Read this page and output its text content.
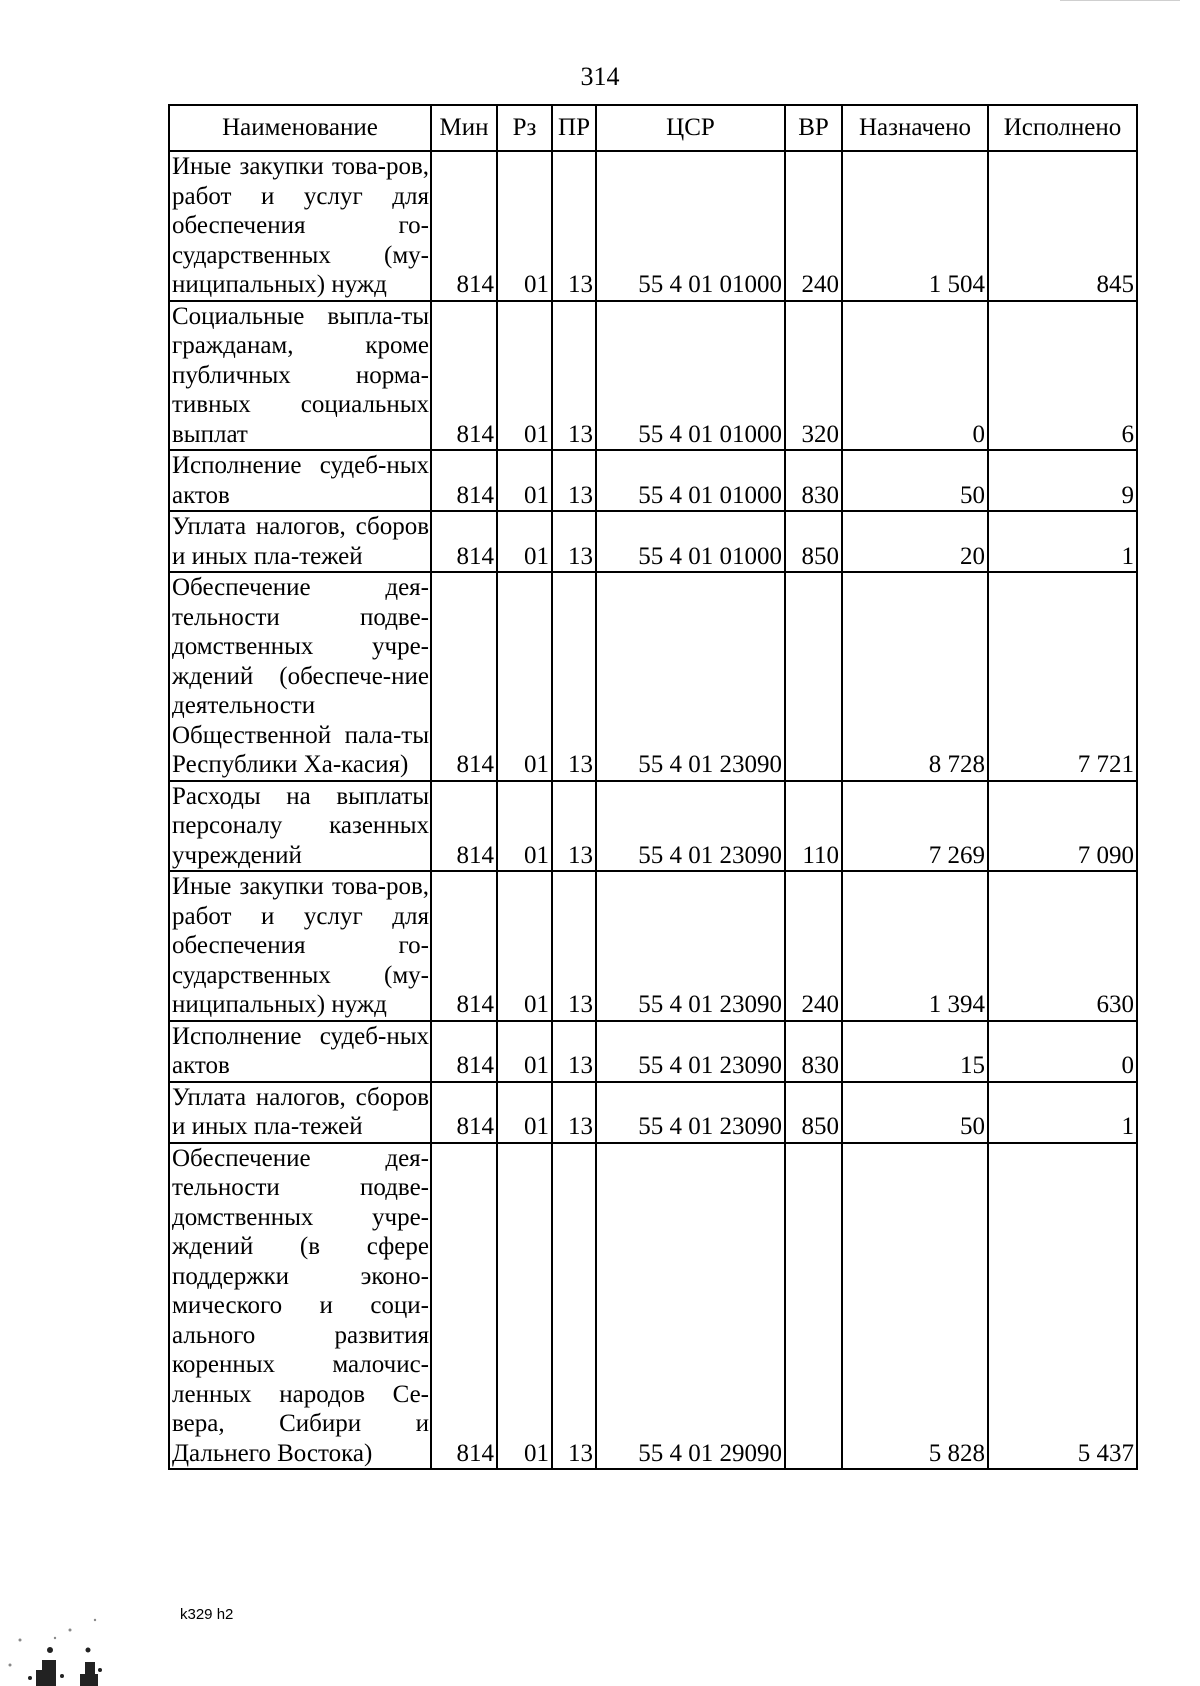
314
Наименование	Мин	Рз	ПР	ЦСР	ВР	Назначено	Исполнено
Иные закупки това-ров, работ и услуг для обеспечения го-сударственных (му-ниципальных) нужд	814	01	13	55 4 01 01000	240	1 504	845
Социальные выпла-ты гражданам, кроме публичных норма-тивных социальных выплат	814	01	13	55 4 01 01000	320	0	6
Исполнение судеб-ных актов	814	01	13	55 4 01 01000	830	50	9
Уплата налогов, сборов и иных пла-тежей	814	01	13	55 4 01 01000	850	20	1
Обеспечение дея-тельности подве-домственных учре-ждений (обеспече-ние деятельности Общественной пала-ты Республики Ха-касия)	814	01	13	55 4 01 23090		8 728	7 721
Расходы на выплаты персоналу казенных учреждений	814	01	13	55 4 01 23090	110	7 269	7 090
Иные закупки това-ров, работ и услуг для обеспечения го-сударственных (му-ниципальных) нужд	814	01	13	55 4 01 23090	240	1 394	630
Исполнение судеб-ных актов	814	01	13	55 4 01 23090	830	15	0
Уплата налогов, сборов и иных пла-тежей	814	01	13	55 4 01 23090	850	50	1
Обеспечение дея-тельности подве-домственных учре-ждений (в сфере поддержки эконо-мического и соци-ального развития коренных малочис-ленных народов Се-вера, Сибири и Дальнего Востока)	814	01	13	55 4 01 29090		5 828	5 437
k329 h2
